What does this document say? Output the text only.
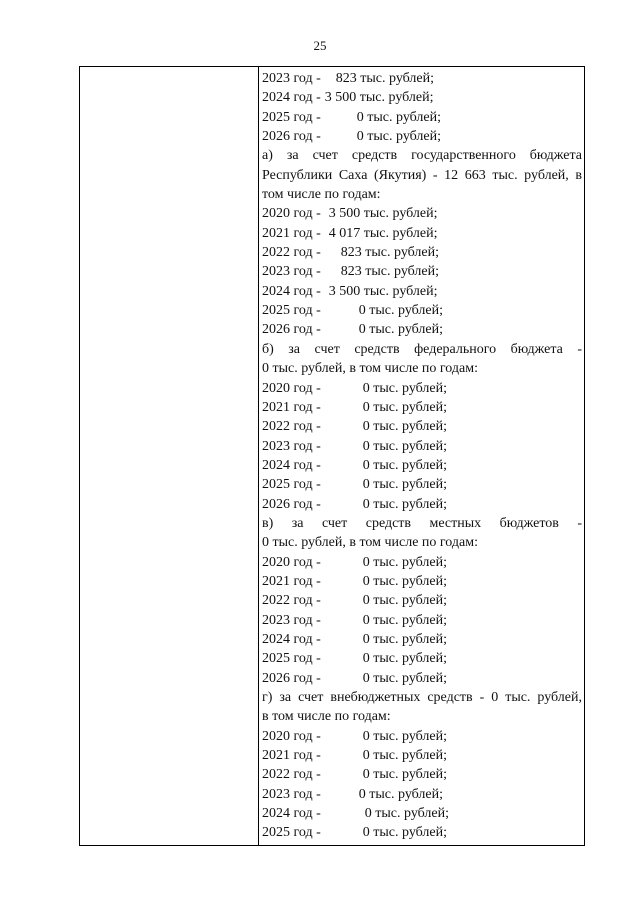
25
2023 год - 823 тыс. рублей;
2024 год - 3 500 тыс. рублей;
2025 год -	0 тыс. рублей;
2026 год -	0 тыс. рублей;
а) за счет средств государственного бюджета
Республики Саха (Якутия) - 12 663 тыс. рублей, в
том числе по годам:
2020 год - 3 500 тыс. рублей;
2021 год - 4 017 тыс. рублей;
2022 год -	823 тыс. рублей;
2023 год -	823 тыс. рублей;
2024 год - 3 500 тыс. рублей;
2025 год -	0 тыс. рублей;
2026 год -	0 тыс. рублей;
б) за счет средств федерального бюджета -
0 тыс. рублей, в том числе по годам:
2020 год -	0 тыс. рублей;
2021 год -	0 тыс. рублей;
2022 год -	0 тыс. рублей;
2023 год -	0 тыс. рублей;
2024 год -	0 тыс. рублей;
2025 год -	0 тыс. рублей;
2026 год -	0 тыс. рублей;
в) за счет средств местных бюджетов -
0 тыс. рублей, в том числе по годам:
2020 год -	0 тыс. рублей;
2021 год -	0 тыс. рублей;
2022 год -	0 тыс. рублей;
2023 год -	0 тыс. рублей;
2024 год -	0 тыс. рублей;
2025 год -	0 тыс. рублей;
2026 год -	0 тыс. рублей;
г) за счет внебюджетных средств - 0 тыс. рублей,
в том числе по годам:
2020 год -	0 тыс. рублей;
2021 год -	0 тыс. рублей;
2022 год -	0 тыс. рублей;
2023 год -	0 тыс. рублей;
2024 год -	0 тыс. рублей;
2025 год -	0 тыс. рублей;
